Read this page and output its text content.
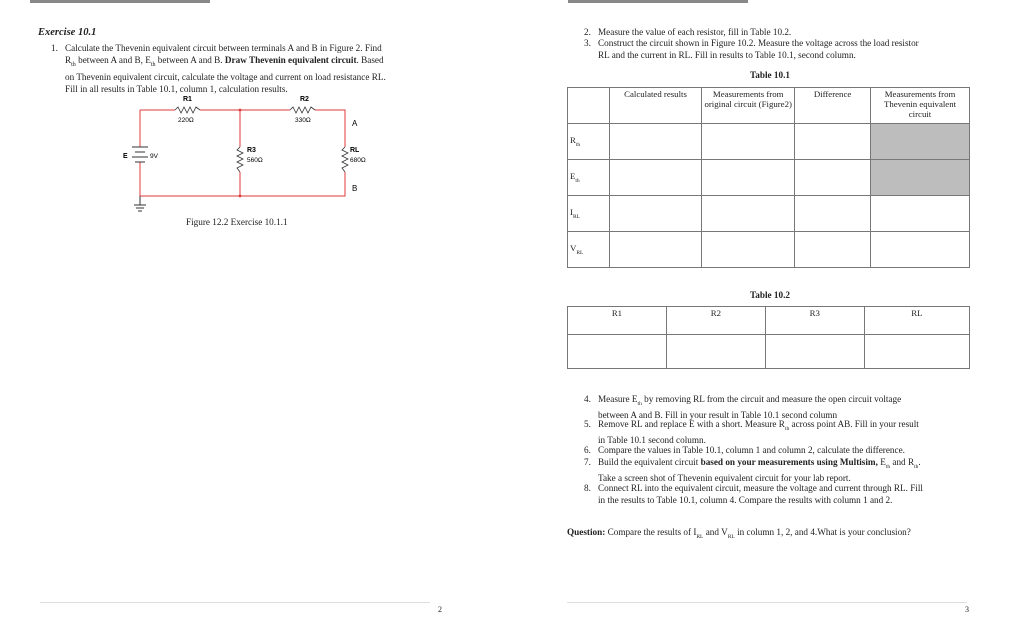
Exercise 10.1
1. Calculate the Thevenin equivalent circuit between terminals A and B in Figure 2. Find
$R_{th}$ between A and B, $E_{th}$ between A and B. Draw Thevenin equivalent circuit. Based
on Thevenin equivalent circuit, calculate the voltage and current on load resistance RL.
Fill in all results in Table 10.1, column 1, calculation results.
R1
220Ω
R2
330Ω
R3
560Ω
RL
680Ω
E	9V
A
B
Figure 12.2 Exercise 10.1.1
2
2. Measure the value of each resistor, fill in Table 10.2.
3. Construct the circuit shown in Figure 10.2. Measure the voltage across the load resistor
RL and the current in RL. Fill in results to Table 10.1, second column.
Table 10.1
	Calculated results	Measurements from original circuit (Figure2)	Difference	Measurements from Thevenin equivalent circuit
$R_{th}$				
$E_{th}$				
$I_{RL}$				
$V_{RL}$				
Table 10.2
R1	R2	R3	RL

4. Measure $E_{th}$ by removing RL from the circuit and measure the open circuit voltage
between A and B. Fill in your result in Table 10.1 second column
5. Remove RL and replace E with a short. Measure $R_{th}$ across point AB. Fill in your result
in Table 10.1 second column.
6. Compare the values in Table 10.1, column 1 and column 2, calculate the difference.
7. Build the equivalent circuit based on your measurements using Multisim, $E_{th}$ and $R_{th}$.
Take a screen shot of Thevenin equivalent circuit for your lab report.
8. Connect RL into the equivalent circuit, measure the voltage and current through RL. Fill
in the results to Table 10.1, column 4. Compare the results with column 1 and 2.
Question: Compare the results of $I_{RL}$ and $V_{RL}$ in column 1, 2, and 4.What is your conclusion?
3
